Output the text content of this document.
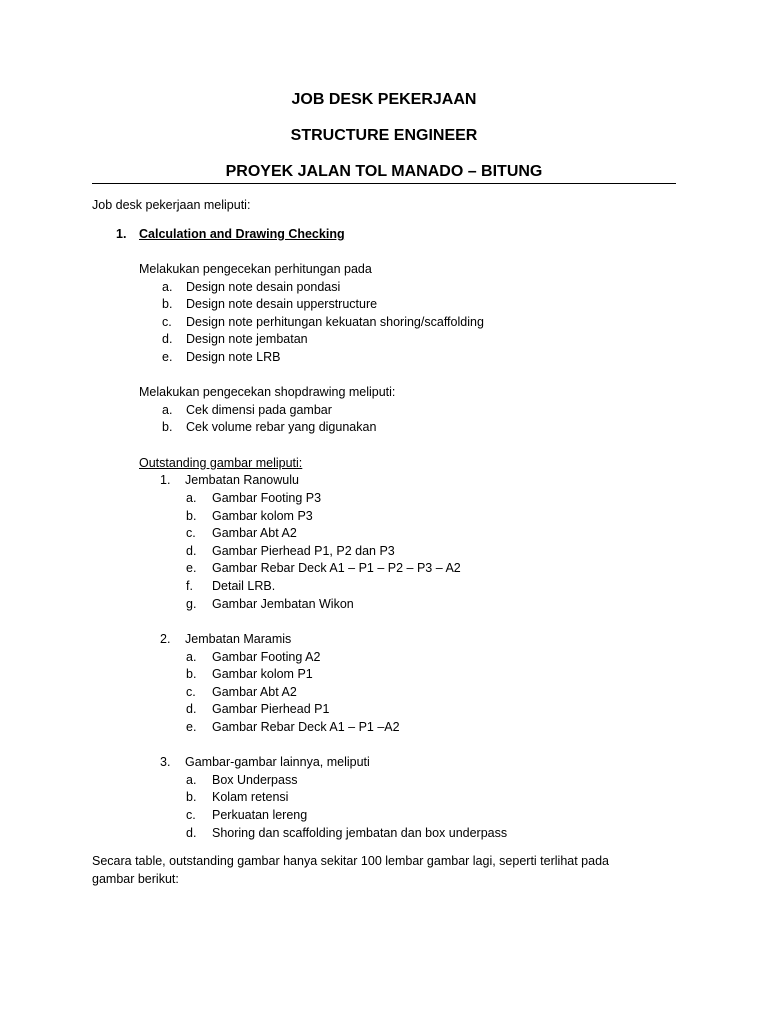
JOB DESK PEKERJAAN
STRUCTURE ENGINEER
PROYEK JALAN TOL MANADO – BITUNG
Job desk pekerjaan meliputi:
1. Calculation and Drawing Checking
Melakukan pengecekan perhitungan pada
a. Design note desain pondasi
b. Design note desain upperstructure
c. Design note perhitungan kekuatan shoring/scaffolding
d. Design note jembatan
e. Design note LRB
Melakukan pengecekan shopdrawing meliputi:
a. Cek dimensi pada gambar
b. Cek volume rebar yang digunakan
Outstanding gambar meliputi:
1. Jembatan Ranowulu
a. Gambar Footing P3
b. Gambar kolom P3
c. Gambar Abt A2
d. Gambar Pierhead P1, P2 dan P3
e. Gambar Rebar Deck A1 – P1 – P2 – P3 – A2
f. Detail LRB.
g. Gambar Jembatan Wikon
2. Jembatan Maramis
a. Gambar Footing A2
b. Gambar kolom P1
c. Gambar Abt A2
d. Gambar Pierhead P1
e. Gambar Rebar Deck A1 – P1 –A2
3. Gambar-gambar lainnya, meliputi
a. Box Underpass
b. Kolam retensi
c. Perkuatan lereng
d. Shoring dan scaffolding jembatan dan box underpass
Secara table, outstanding gambar hanya sekitar 100 lembar gambar lagi, seperti terlihat pada
gambar berikut:
